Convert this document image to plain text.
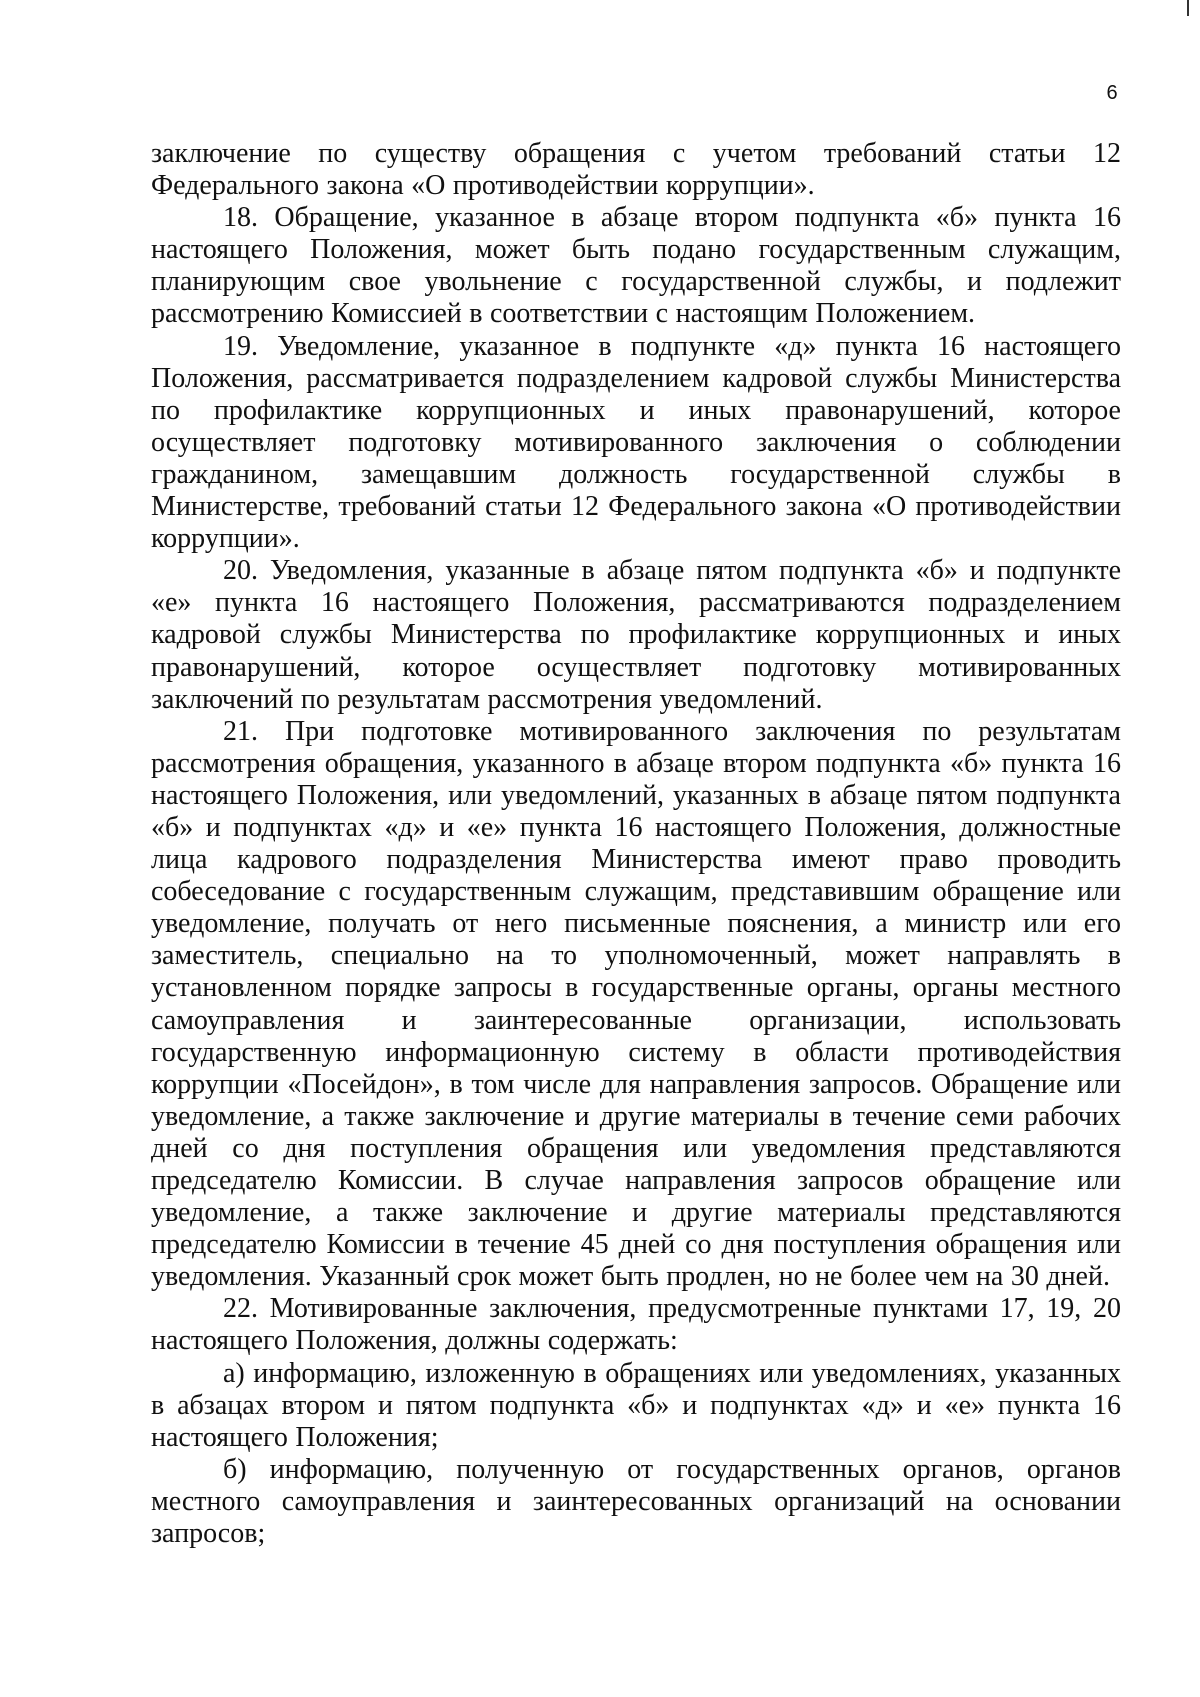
6

заключение по существу обращения с учетом требований статьи 12 Федерального закона «О противодействии коррупции».

18. Обращение, указанное в абзаце втором подпункта «б» пункта 16 настоящего Положения, может быть подано государственным служащим, планирующим свое увольнение с государственной службы, и подлежит рассмотрению Комиссией в соответствии с настоящим Положением.

19. Уведомление, указанное в подпункте «д» пункта 16 настоящего Положения, рассматривается подразделением кадровой службы Министерства по профилактике коррупционных и иных правонарушений, которое осуществляет подготовку мотивированного заключения о соблюдении гражданином, замещавшим должность государственной службы в Министерстве, требований статьи 12 Федерального закона «О противодействии коррупции».

20. Уведомления, указанные в абзаце пятом подпункта «б» и подпункте «е» пункта 16 настоящего Положения, рассматриваются подразделением кадровой службы Министерства по профилактике коррупционных и иных правонарушений, которое осуществляет подготовку мотивированных заключений по результатам рассмотрения уведомлений.

21. При подготовке мотивированного заключения по результатам рассмотрения обращения, указанного в абзаце втором подпункта «б» пункта 16 настоящего Положения, или уведомлений, указанных в абзаце пятом подпункта «б» и подпунктах «д» и «е» пункта 16 настоящего Положения, должностные лица кадрового подразделения Министерства имеют право проводить собеседование с государственным служащим, представившим обращение или уведомление, получать от него письменные пояснения, а министр или его заместитель, специально на то уполномоченный, может направлять в установленном порядке запросы в государственные органы, органы местного самоуправления и заинтересованные организации, использовать государственную информационную систему в области противодействия коррупции «Посейдон», в том числе для направления запросов. Обращение или уведомление, а также заключение и другие материалы в течение семи рабочих дней со дня поступления обращения или уведомления представляются председателю Комиссии. В случае направления запросов обращение или уведомление, а также заключение и другие материалы представляются председателю Комиссии в течение 45 дней со дня поступления обращения или уведомления. Указанный срок может быть продлен, но не более чем на 30 дней.

22. Мотивированные заключения, предусмотренные пунктами 17, 19, 20 настоящего Положения, должны содержать:

а) информацию, изложенную в обращениях или уведомлениях, указанных в абзацах втором и пятом подпункта «б» и подпунктах «д» и «е» пункта 16 настоящего Положения;

б) информацию, полученную от государственных органов, органов местного самоуправления и заинтересованных организаций на основании запросов;
